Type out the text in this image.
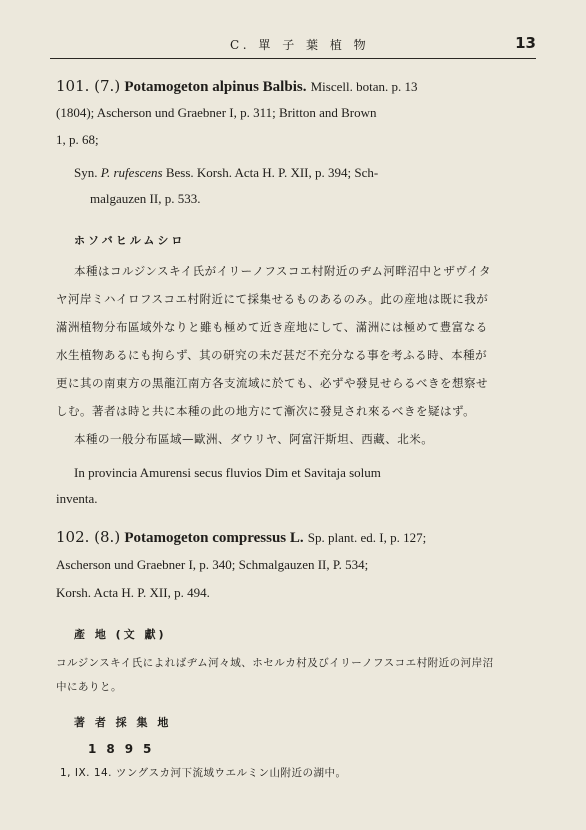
C. 單 子 葉 植 物	13
101. (7.) Potamogeton alpinus Balbis. Miscell. botan. p. 13
(1804); Ascherson und Graebner I, p. 311; Britton and Brown
1, p. 68;
Syn. P. rufescens Bess. Korsh. Acta H. P. XII, p. 394; Sch-
malgauzen II, p. 533.
ホソバヒルムシロ
本種はコルジンスキイ氏がイリーノフスコエ村附近のヂム河畔沼中とザヴイタ
ヤ河岸ミハイロフスコエ村附近にて採集せるものあるのみ。此の産地は既に我が
滿洲植物分布區域外なりと雖も極めて近き産地にして、滿洲には極めて豊富なる
水生植物あるにも拘らず、其の研究の未だ甚だ不充分なる事を考ふる時、本種が
更に其の南東方の黒龍江南方各支流域に於ても、必ずや發見せらるべきを想察せ
しむ。著者は時と共に本種の此の地方にて漸次に發見され來るべきを疑はず。
本種の一般分布區域—歐洲、ダウリヤ、阿富汗斯坦、西藏、北米。
In provincia Amurensi secus fluvios Dim et Savitaja solum
inventa.
102. (8.) Potamogeton compressus L. Sp. plant. ed. I, p. 127;
Ascherson und Graebner I, p. 340; Schmalgauzen II, P. 534;
Korsh. Acta H. P. XII, p. 494.
產 地 (文 獻)
コルジンスキイ氏によればヂム河々域、ホセルカ村及びイリーノフスコエ村附近の河岸沼
中にありと。
著 者 採 集 地
1895
1, IX. 14. ツングスカ河下流域ウエルミン山附近の湖中。
